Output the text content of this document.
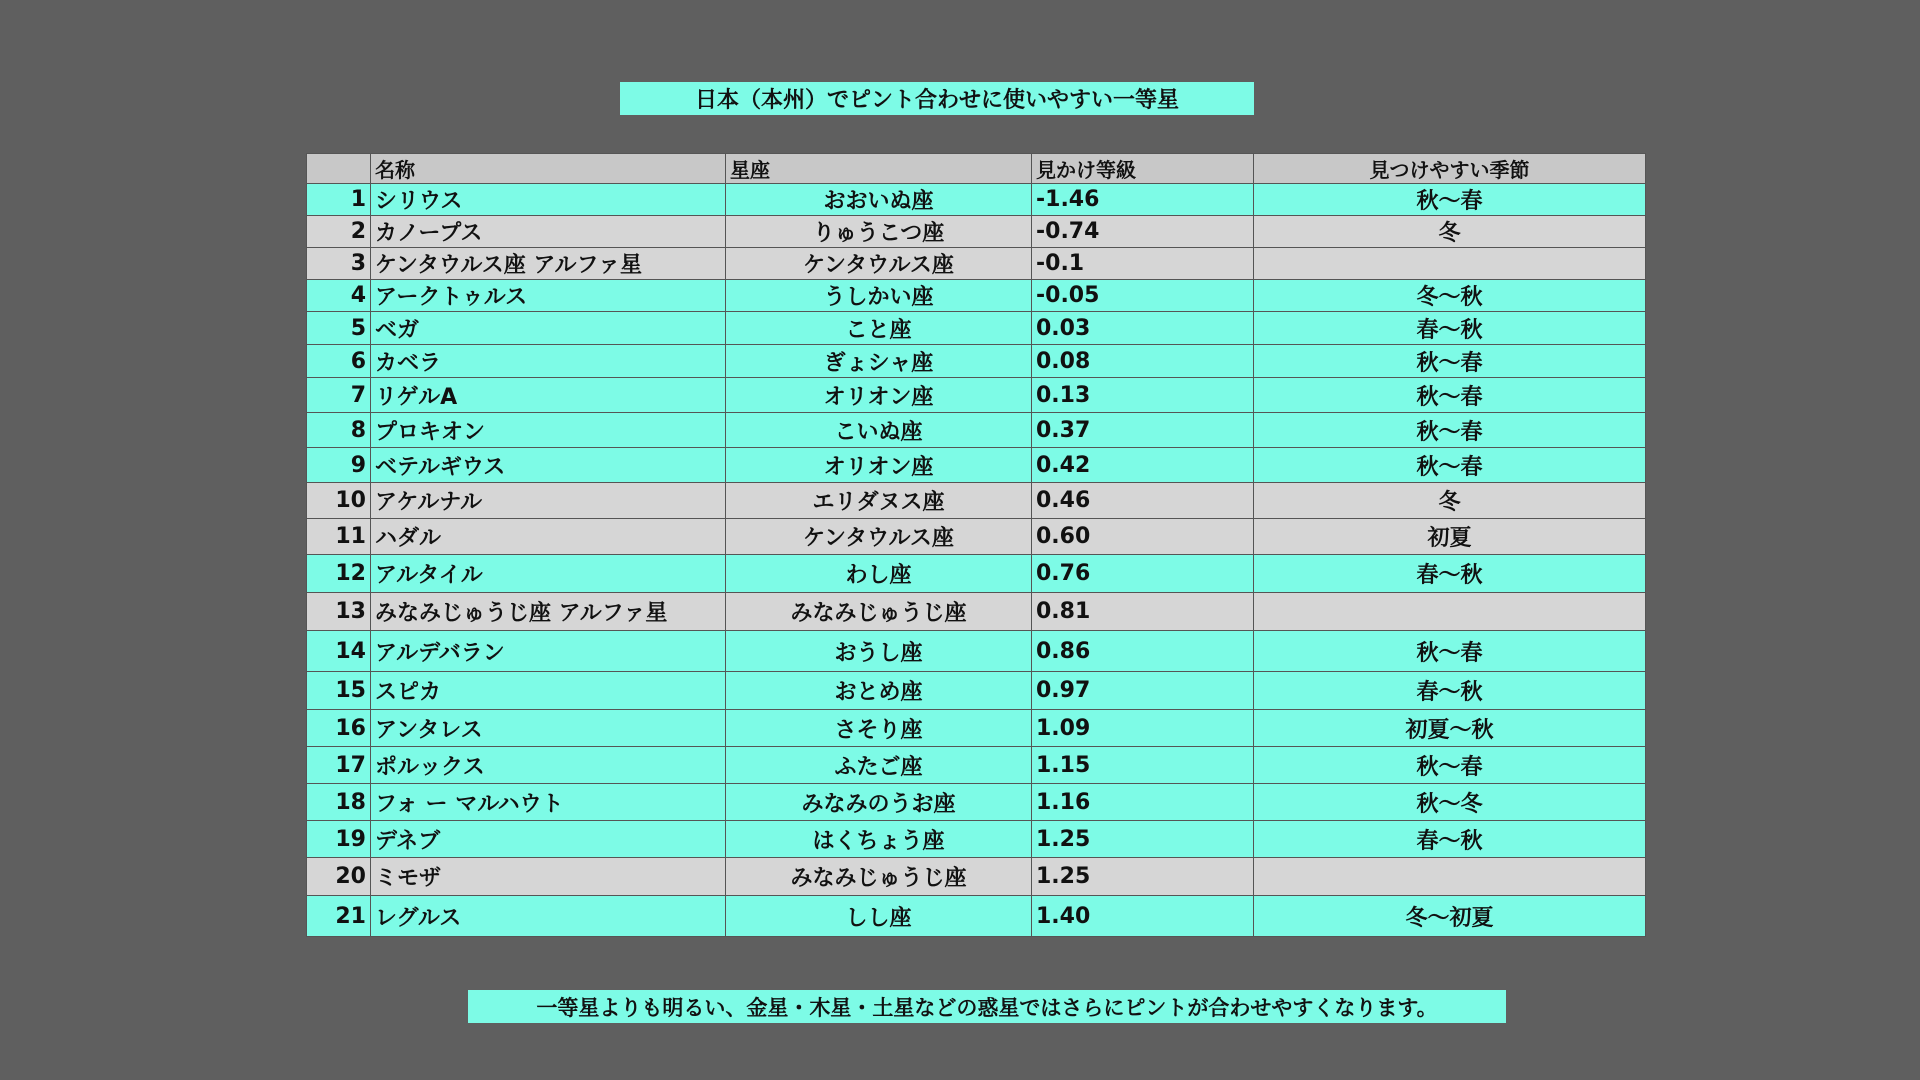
日本（本州）でピント合わせに使いやすい一等星
	名称	星座	見かけ等級	見つけやすい季節
1	シリウス	おおいぬ座	-1.46	秋〜春
2	カノープス	りゅうこつ座	-0.74	冬
3	ケンタウルス座 アルファ星	ケンタウルス座	-0.1	
4	アークトゥルス	うしかい座	-0.05	冬〜秋
5	ベガ	こと座	0.03	春〜秋
6	カベラ	ぎょシャ座	0.08	秋〜春
7	リゲルA	オリオン座	0.13	秋〜春
8	プロキオン	こいぬ座	0.37	秋〜春
9	ベテルギウス	オリオン座	0.42	秋〜春
10	アケルナル	エリダヌス座	0.46	冬
11	ハダル	ケンタウルス座	0.60	初夏
12	アルタイル	わし座	0.76	春〜秋
13	みなみじゅうじ座 アルファ星	みなみじゅうじ座	0.81	
14	アルデバラン	おうし座	0.86	秋〜春
15	スピカ	おとめ座	0.97	春〜秋
16	アンタレス	さそり座	1.09	初夏〜秋
17	ポルックス	ふたご座	1.15	秋〜春
18	フォ ー マルハウト	みなみのうお座	1.16	秋〜冬
19	デネブ	はくちょう座	1.25	春〜秋
20	ミモザ	みなみじゅうじ座	1.25	
21	レグルス	しし座	1.40	冬〜初夏
一等星よりも明るい、金星・木星・土星などの惑星ではさらにピントが合わせやすくなります。
